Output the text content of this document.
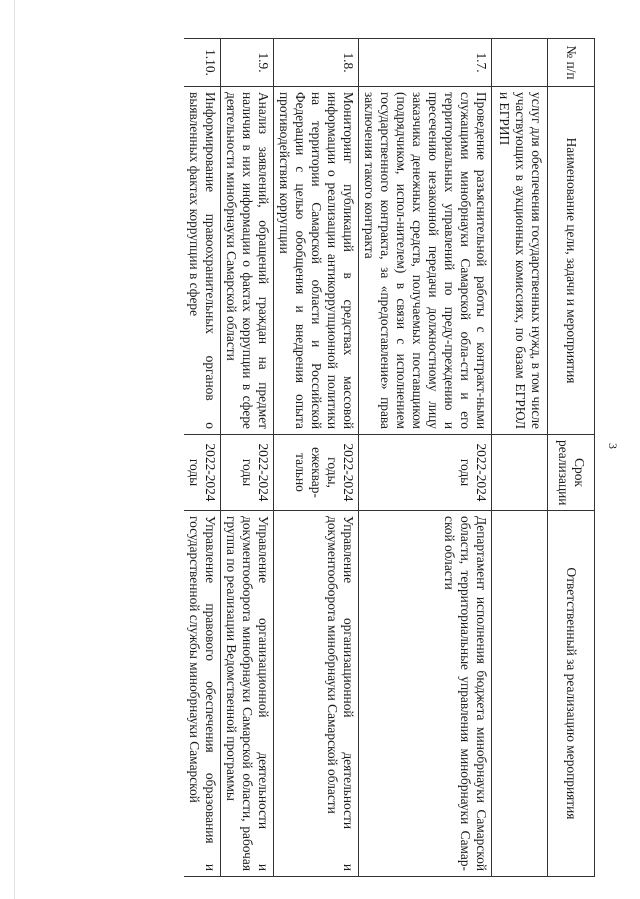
3
№ п/п	Наименование цели, задачи и мероприятия	Срок реализации	Ответственный за реализацию мероприятия
	услуг для обеспечения государственных нужд, в том числе участвующих в аукционных комиссиях, по базам ЕГРЮЛ и ЕГРИП		
1.7.	Проведение разъяснительной работы с контракт-ными служащими минобрнауки Самарской обла-сти и его территориальных управлений по преду-преждению и пресечению незаконной передачи должностному лицу заказчика денежных средств, получаемых поставщиком (подрядчиком, испол-нителем) в связи с исполнением государственного контракта, за «предоставление» права заключения такого контракта	2022-2024 годы	Департамент исполнения бюджета минобрнауки Самарской области, территориальные управления минобрнауки Самар-ской области
1.8.	Мониторинг публикаций в средствах массовой информации о реализации антикоррупционной политики на территории Самарской области и Российской Федерации с целью обобщения и внедрения опыта противодействия коррупции	2022-2024 годы, ежеквар-тально	Управление организационной деятельности и документооборота минобрнауки Самарской области
1.9.	Анализ заявлений, обращений граждан на предмет наличия в них информации о фактах коррупции в сфере деятельности минобрнауки Самарской области	2022-2024 годы	Управление организационной деятельности и документооборота минобрнауки Самарской области, рабочая группа по реализации Ведомственной программы
1.10.	Информирование правоохранительных органов о выявленных фактах коррупции в сфере	2022-2024 годы	Управление правового обеспечения образования и государственной службы минобрнауки Самарской
